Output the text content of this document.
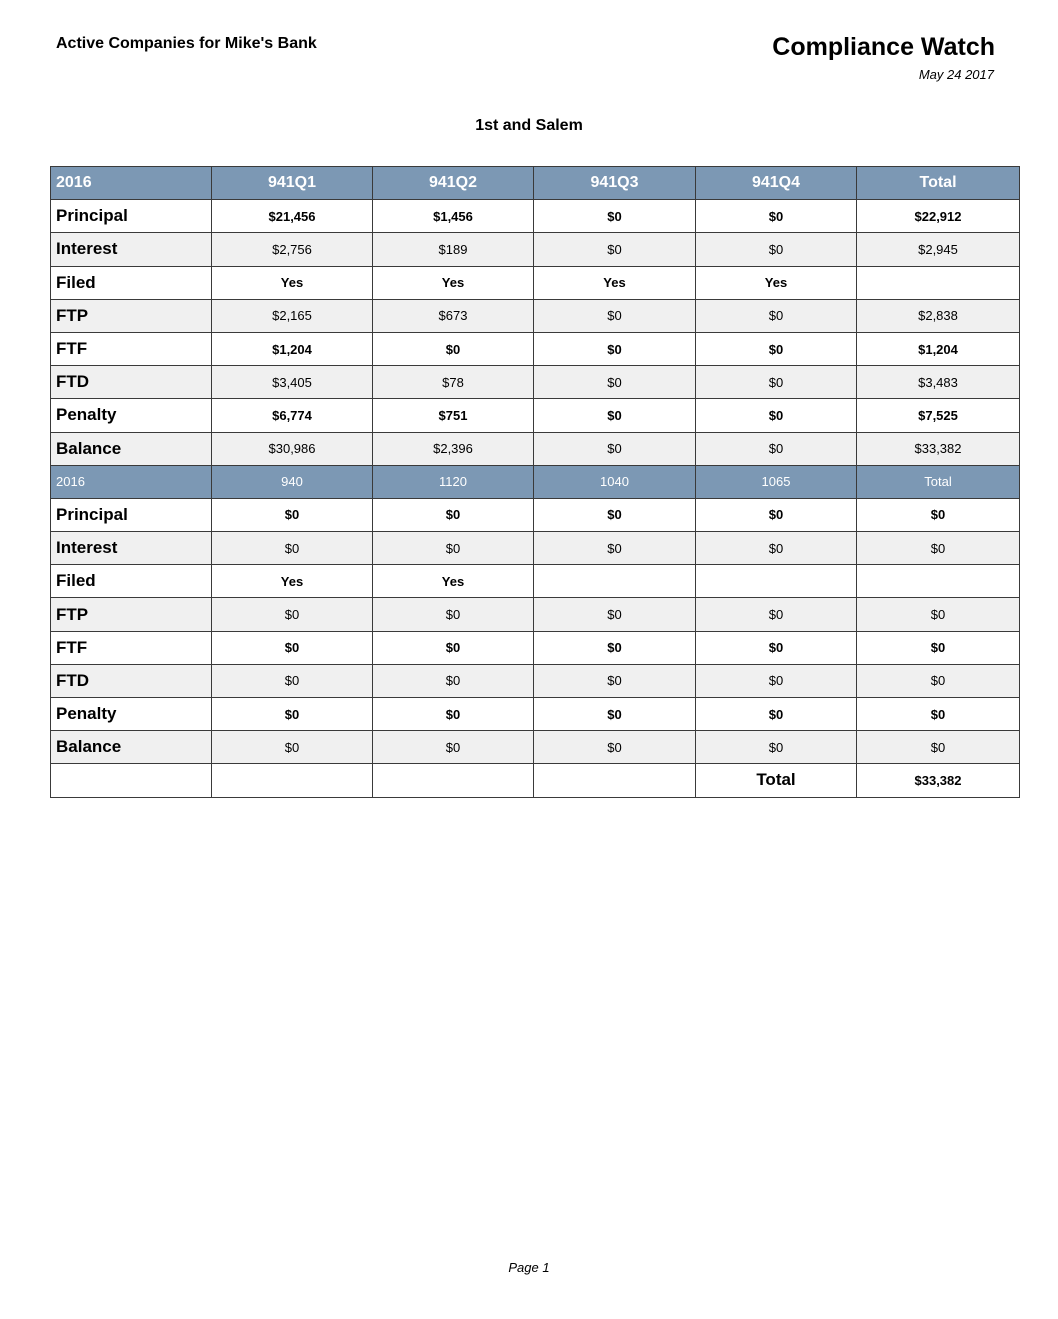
Active Companies for Mike's Bank	Compliance Watch
May 24 2017
1st and Salem
2016	941Q1	941Q2	941Q3	941Q4	Total
Principal	$21,456	$1,456	$0	$0	$22,912
Interest	$2,756	$189	$0	$0	$2,945
Filed	Yes	Yes	Yes	Yes	
FTP	$2,165	$673	$0	$0	$2,838
FTF	$1,204	$0	$0	$0	$1,204
FTD	$3,405	$78	$0	$0	$3,483
Penalty	$6,774	$751	$0	$0	$7,525
Balance	$30,986	$2,396	$0	$0	$33,382
2016	940	1120	1040	1065	Total
Principal	$0	$0	$0	$0	$0
Interest	$0	$0	$0	$0	$0
Filed	Yes	Yes			
FTP	$0	$0	$0	$0	$0
FTF	$0	$0	$0	$0	$0
FTD	$0	$0	$0	$0	$0
Penalty	$0	$0	$0	$0	$0
Balance	$0	$0	$0	$0	$0
				Total	$33,382
Page 1
